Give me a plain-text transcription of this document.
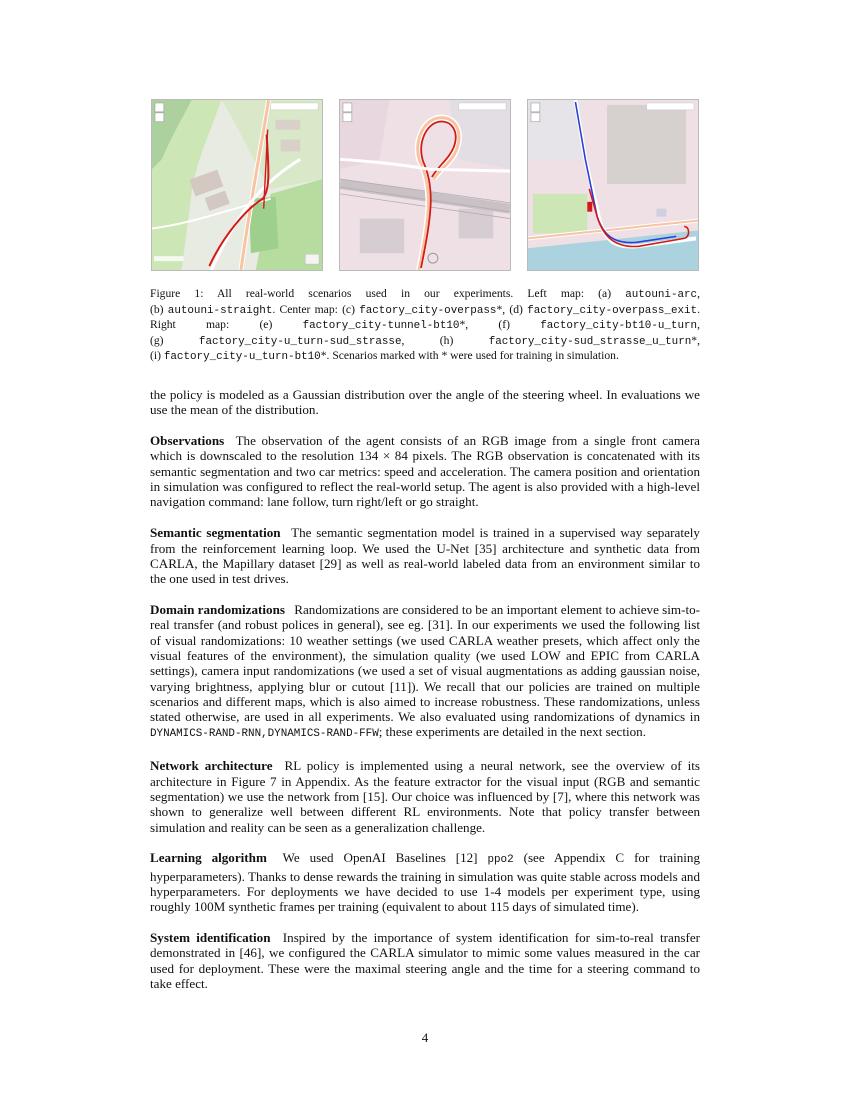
Figure 1: All real-world scenarios used in our experiments. Left map: (a) autouni-arc,
(b) autouni-straight. Center map: (c) factory_city-overpass*, (d) factory_city-overpass_exit.
Right map: (e)	factory_city-tunnel-bt10*, (f)	factory_city-bt10-u_turn,
(g)	factory_city-u_turn-sud_strasse, (h)	factory_city-sud_strasse_u_turn*,
(i) factory_city-u_turn-bt10*. Scenarios marked with * were used for training in simulation.

the policy is modeled as a Gaussian distribution over the angle of the steering wheel. In evaluations we use the mean of the distribution.

Observations The observation of the agent consists of an RGB image from a single front camera which is downscaled to the resolution 134 × 84 pixels. The RGB observation is concatenated with its semantic segmentation and two car metrics: speed and acceleration. The camera position and orientation in simulation was configured to reflect the real-world setup. The agent is also provided with a high-level navigation command: lane follow, turn right/left or go straight.

Semantic segmentation The semantic segmentation model is trained in a supervised way separately from the reinforcement learning loop. We used the U-Net [35] architecture and synthetic data from CARLA, the Mapillary dataset [29] as well as real-world labeled data from an environment similar to the one used in test drives.

Domain randomizations Randomizations are considered to be an important element to achieve sim-to-real transfer (and robust polices in general), see eg. [31]. In our experiments we used the following list of visual randomizations: 10 weather settings (we used CARLA weather presets, which affect only the visual features of the environment), the simulation quality (we used LOW and EPIC from CARLA settings), camera input randomizations (we used a set of visual augmentations as adding gaussian noise, varying brightness, applying blur or cutout [11]). We recall that our policies are trained on multiple scenarios and different maps, which is also aimed to increase robustness. These randomizations, unless stated otherwise, are used in all experiments. We also evaluated using randomizations of dynamics in DYNAMICS-RAND-RNN,DYNAMICS-RAND-FFW; these experiments are detailed in the next section.

Network architecture RL policy is implemented using a neural network, see the overview of its architecture in Figure 7 in Appendix. As the feature extractor for the visual input (RGB and semantic segmentation) we use the network from [15]. Our choice was influenced by [7], where this network was shown to generalize well between different RL environments. Note that policy transfer between simulation and reality can be seen as a generalization challenge.

Learning algorithm We used OpenAI Baselines [12] ppo2 (see Appendix C for training hyperparameters). Thanks to dense rewards the training in simulation was quite stable across models and hyperparameters. For deployments we have decided to use 1-4 models per experiment type, using roughly 100M synthetic frames per training (equivalent to about 115 days of simulated time).

System identification Inspired by the importance of system identification for sim-to-real transfer demonstrated in [46], we configured the CARLA simulator to mimic some values measured in the car used for deployment. These were the maximal steering angle and the time for a steering command to take effect.

4
